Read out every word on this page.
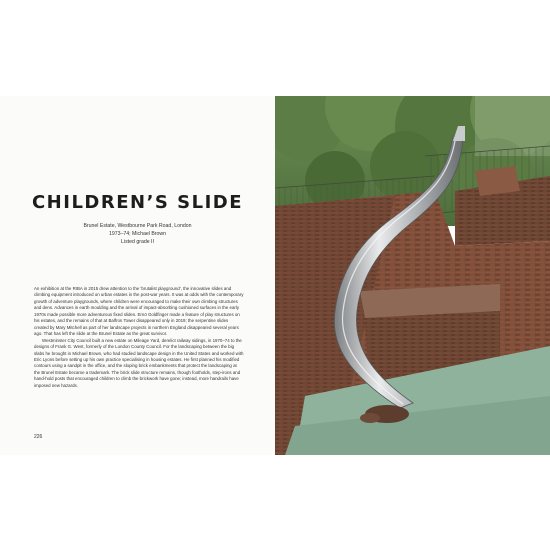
CHILDREN’S SLIDE
Brunel Estate, Westbourne Park Road, London
1973–74; Michael Brown
Listed grade II

An exhibition at the RIBA in 2015 drew attention to the ‘brutalist playground’, the innovative slides and climbing equipment introduced on urban estates in the post-war years. It was at odds with the contemporary growth of adventure playgrounds, where children were encouraged to make their own climbing structures and dens. Advances in earth moulding and the arrival of impact-absorbing cushioned surfaces in the early 1970s made possible more adventurous fixed slides. Ernö Goldfinger made a feature of play structures on his estates, and the remains of that at Balfron Tower disappeared only in 2019; the serpentine slides created by Mary Mitchell as part of her landscape projects in northern England disappeared several years ago. That has left the slide at the Brunel Estate as the great survivor.

Westminster City Council built a new estate on Mileage Yard, derelict railway sidings, in 1970–74 to the designs of Frank G. West, formerly of the London County Council. For the landscaping between the big slabs he brought in Michael Brown, who had studied landscape design in the United States and worked with Eric Lyons before setting up his own practice specialising in housing estates. He first planned his modified contours using a sandpit in the office, and the sloping brick embankments that protect the landscaping at the Brunel Estate became a trademark. The brick slide structure remains, though footholds, step-irons and hand-hold posts that encouraged children to climb the brickwork have gone; instead, more handrails have imposed new hazards.

226
